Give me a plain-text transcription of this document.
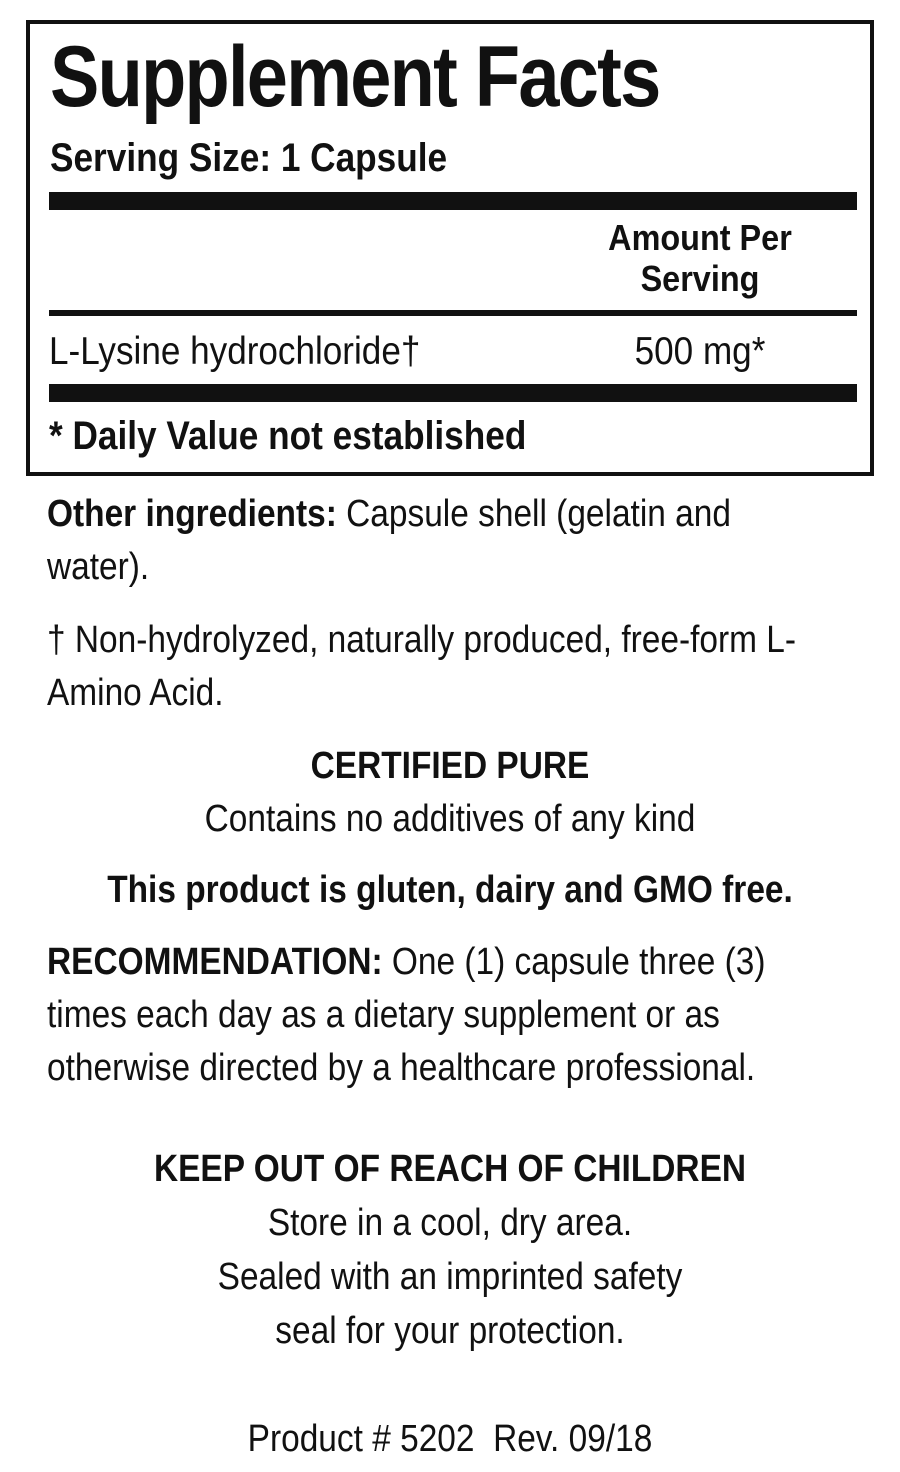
Supplement Facts
Serving Size: 1 Capsule
Amount Per
Serving
L-Lysine hydrochloride†	500 mg*
* Daily Value not established
Other ingredients: Capsule shell (gelatin and water).
† Non-hydrolyzed, naturally produced, free-form L-Amino Acid.
CERTIFIED PURE
Contains no additives of any kind
This product is gluten, dairy and GMO free.
RECOMMENDATION: One (1) capsule three (3) times each day as a dietary supplement or as otherwise directed by a healthcare professional.
KEEP OUT OF REACH OF CHILDREN
Store in a cool, dry area.
Sealed with an imprinted safety
seal for your protection.
Product # 5202  Rev. 09/18
